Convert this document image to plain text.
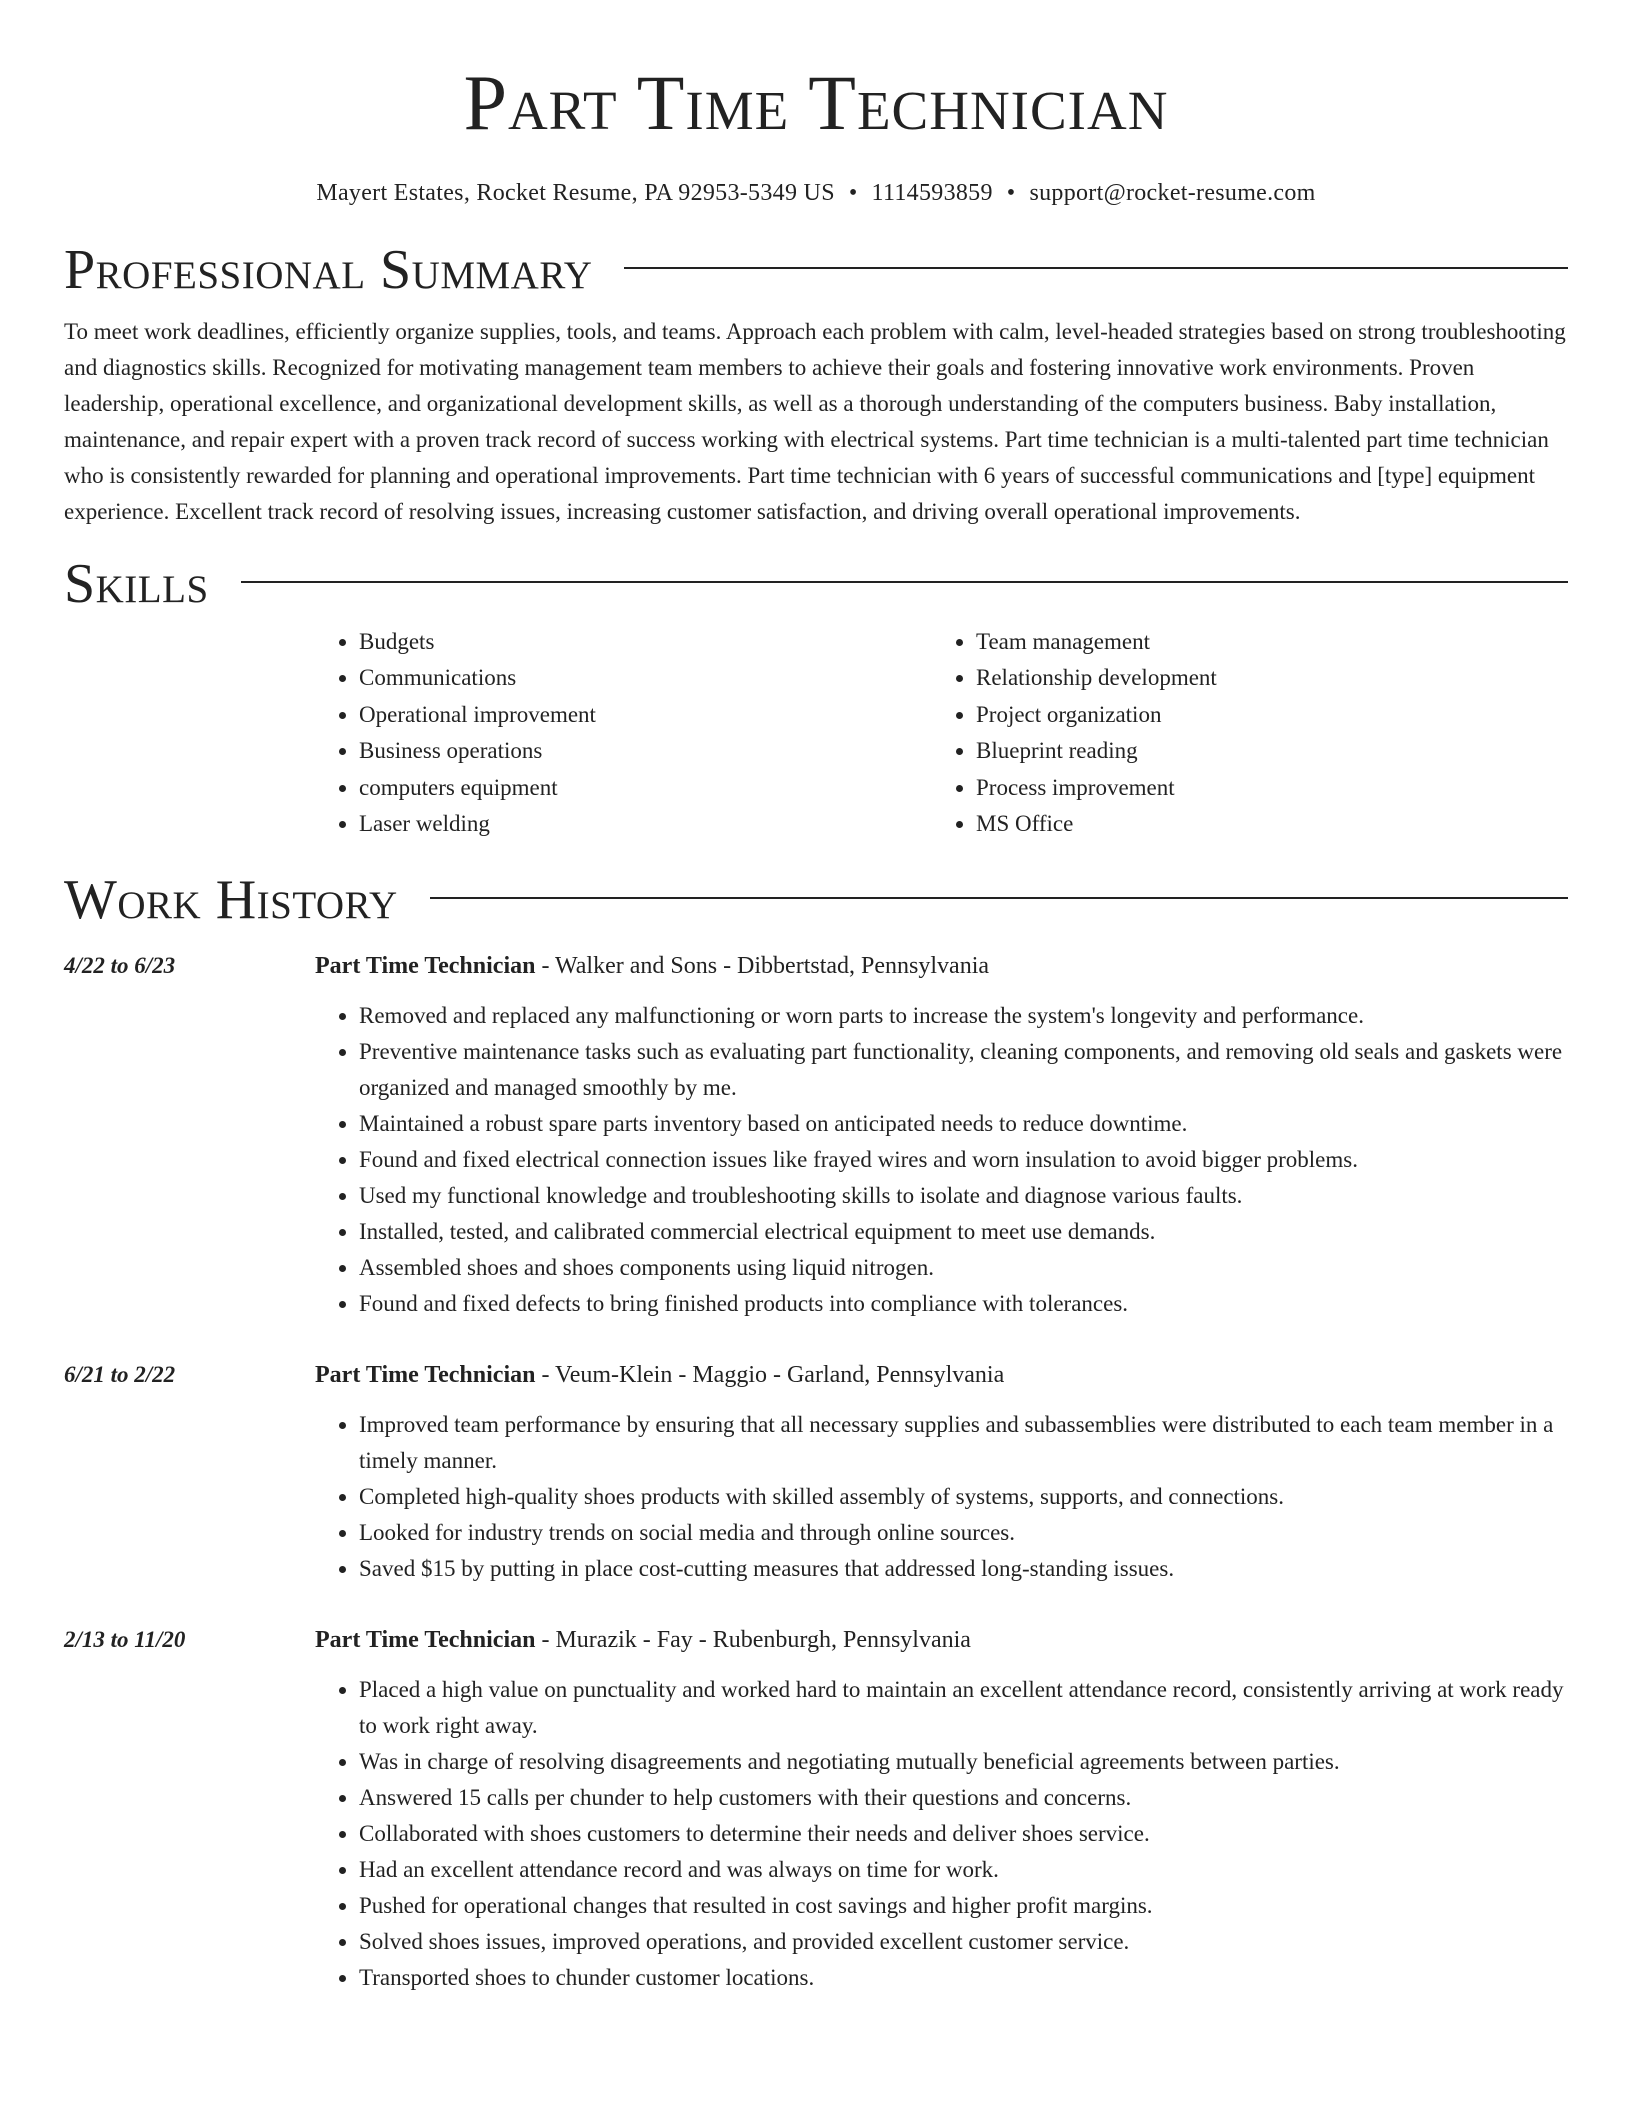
Part Time Technician
Mayert Estates, Rocket Resume, PA 92953-5349 US • 1114593859 • support@rocket-resume.com
Professional Summary

To meet work deadlines, efficiently organize supplies, tools, and teams. Approach each problem with calm, level-headed strategies based on strong troubleshooting and diagnostics skills. Recognized for motivating management team members to achieve their goals and fostering innovative work environments. Proven leadership, operational excellence, and organizational development skills, as well as a thorough understanding of the computers business. Baby installation, maintenance, and repair expert with a proven track record of success working with electrical systems. Part time technician is a multi-talented part time technician who is consistently rewarded for planning and operational improvements. Part time technician with 6 years of successful communications and [type] equipment experience. Excellent track record of resolving issues, increasing customer satisfaction, and driving overall operational improvements.

Skills
• Budgets
• Communications
• Operational improvement
• Business operations
• computers equipment
• Laser welding
• Team management
• Relationship development
• Project organization
• Blueprint reading
• Process improvement
• MS Office
Work History
4/22 to 6/23	Part Time Technician - Walker and Sons - Dibbertstad, Pennsylvania
• Removed and replaced any malfunctioning or worn parts to increase the system's longevity and performance.
• Preventive maintenance tasks such as evaluating part functionality, cleaning components, and removing old seals and gaskets were organized and managed smoothly by me.
• Maintained a robust spare parts inventory based on anticipated needs to reduce downtime.
• Found and fixed electrical connection issues like frayed wires and worn insulation to avoid bigger problems.
• Used my functional knowledge and troubleshooting skills to isolate and diagnose various faults.
• Installed, tested, and calibrated commercial electrical equipment to meet use demands.
• Assembled shoes and shoes components using liquid nitrogen.
• Found and fixed defects to bring finished products into compliance with tolerances.
6/21 to 2/22	Part Time Technician - Veum-Klein - Maggio - Garland, Pennsylvania
• Improved team performance by ensuring that all necessary supplies and subassemblies were distributed to each team member in a timely manner.
• Completed high-quality shoes products with skilled assembly of systems, supports, and connections.
• Looked for industry trends on social media and through online sources.
• Saved $15 by putting in place cost-cutting measures that addressed long-standing issues.
2/13 to 11/20	Part Time Technician - Murazik - Fay - Rubenburgh, Pennsylvania
• Placed a high value on punctuality and worked hard to maintain an excellent attendance record, consistently arriving at work ready to work right away.
• Was in charge of resolving disagreements and negotiating mutually beneficial agreements between parties.
• Answered 15 calls per chunder to help customers with their questions and concerns.
• Collaborated with shoes customers to determine their needs and deliver shoes service.
• Had an excellent attendance record and was always on time for work.
• Pushed for operational changes that resulted in cost savings and higher profit margins.
• Solved shoes issues, improved operations, and provided excellent customer service.
• Transported shoes to chunder customer locations.
